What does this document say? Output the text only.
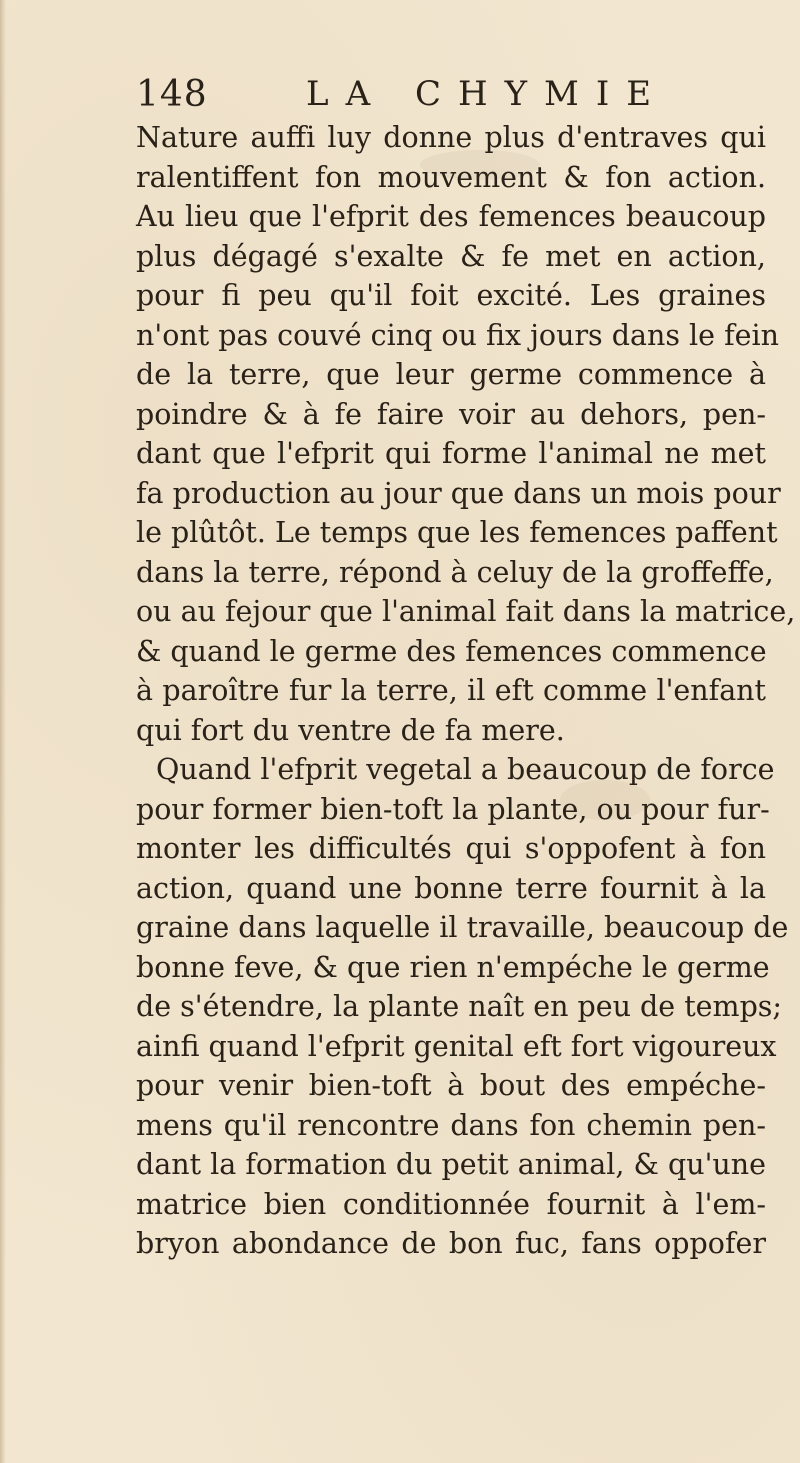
148	LA CHYMIE
Nature auffi luy donne plus d'entraves qui
ralentiffent fon mouvement & fon action.
Au lieu que l'efprit des femences beaucoup
plus dégagé s'exalte & fe met en action,
pour fi peu qu'il foit excité. Les graines
n'ont pas couvé cinq ou fix jours dans le fein
de la terre, que leur germe commence à
poindre & à fe faire voir au dehors, pen-
dant que l'efprit qui forme l'animal ne met
fa production au jour que dans un mois pour
le plûtôt. Le temps que les femences paffent
dans la terre, répond à celuy de la groffeffe,
ou au fejour que l'animal fait dans la matrice,
& quand le germe des femences commence
à paroître fur la terre, il eft comme l'enfant
qui fort du ventre de fa mere.
Quand l'efprit vegetal a beaucoup de force
pour former bien-toft la plante, ou pour fur-
monter les difficultés qui s'oppofent à fon
action, quand une bonne terre fournit à la
graine dans laquelle il travaille, beaucoup de
bonne feve, & que rien n'empéche le germe
de s'étendre, la plante naît en peu de temps;
ainfi quand l'efprit genital eft fort vigoureux
pour venir bien-toft à bout des empéche-
mens qu'il rencontre dans fon chemin pen-
dant la formation du petit animal, & qu'une
matrice bien conditionnée fournit à l'em-
bryon abondance de bon fuc, fans oppofer
